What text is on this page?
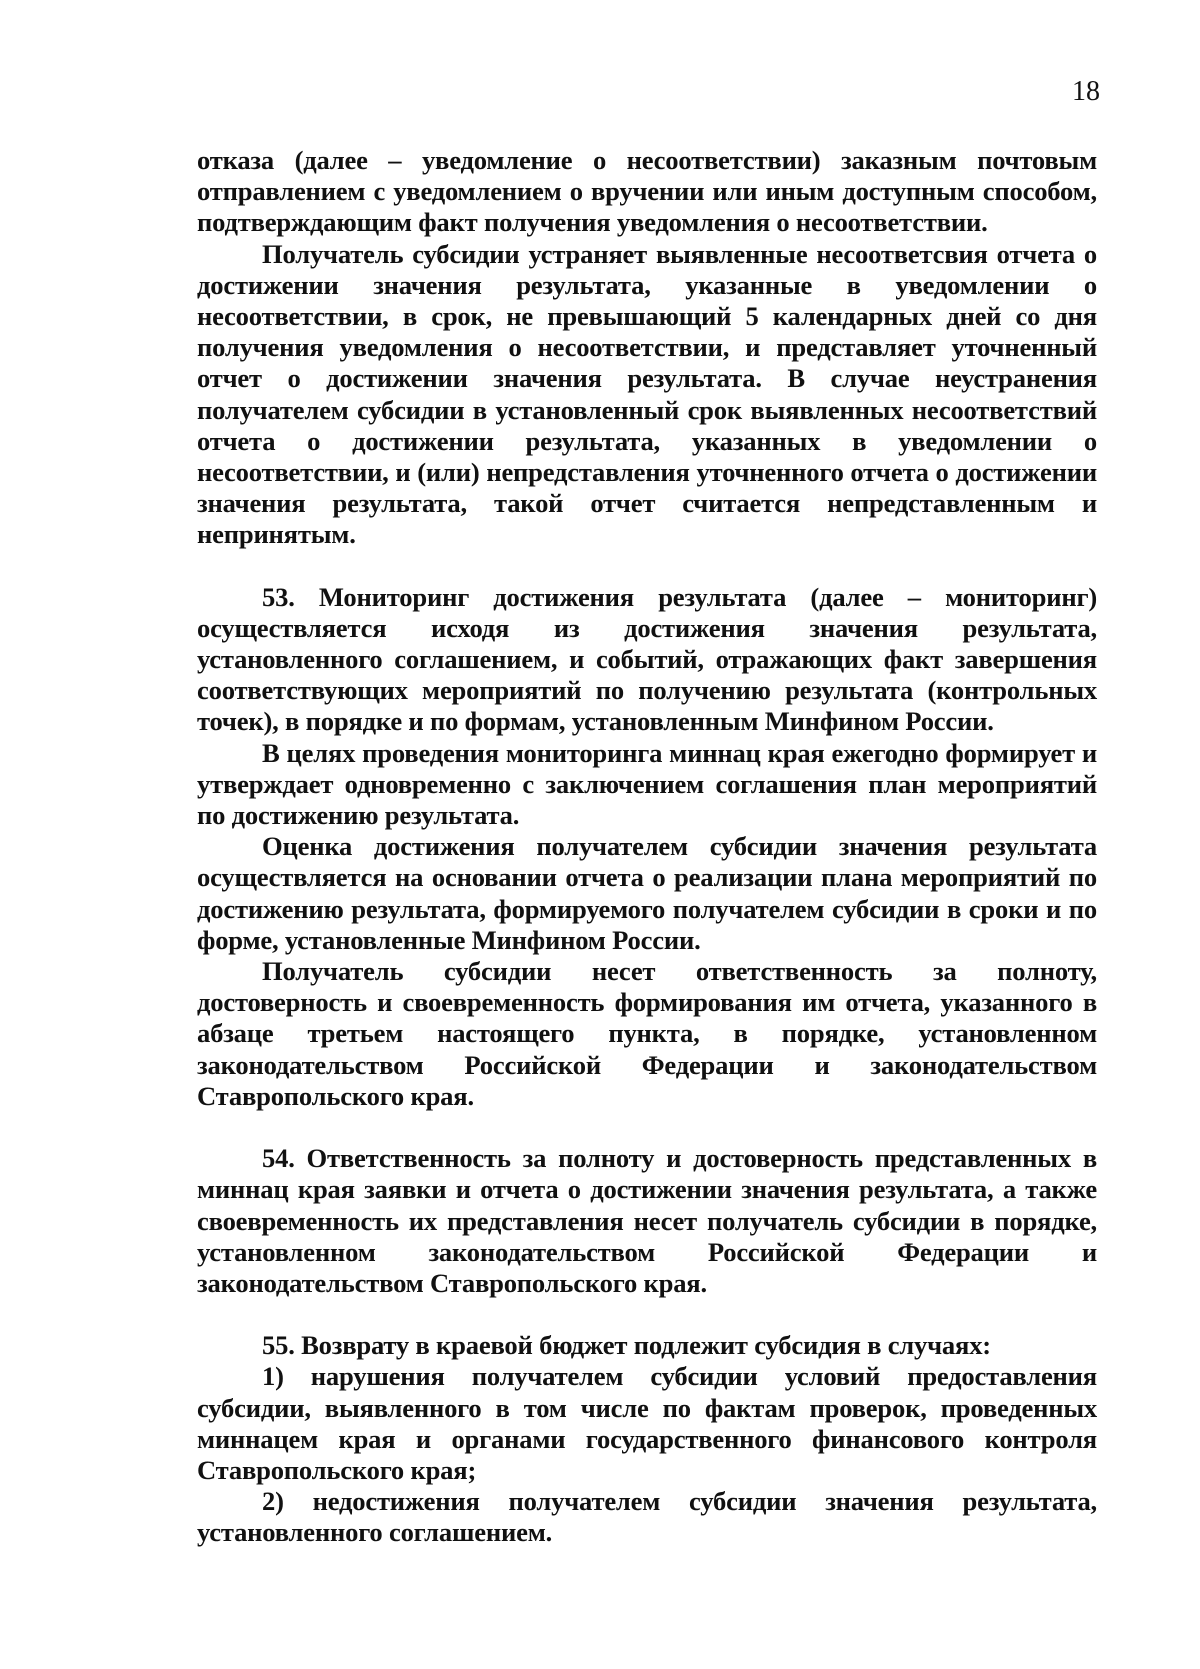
18

отказа (далее – уведомление о несоответствии) заказным почтовым отправлением с уведомлением о вручении или иным доступным способом, подтверждающим факт получения уведомления о несоответствии.

Получатель субсидии устраняет выявленные несоответсвия отчета о достижении значения результата, указанные в уведомлении о несоответствии, в срок, не превышающий 5 календарных дней со дня получения уведомления о несоответствии, и представляет уточненный отчет о достижении значения результата. В случае неустранения получателем субсидии в установленный срок выявленных несоответствий отчета о достижении результата, указанных в уведомлении о несоответствии, и (или) непредставления уточненного отчета о достижении значения результата, такой отчет считается непредставленным и непринятым.

53. Мониторинг достижения результата (далее – мониторинг) осуществляется исходя из достижения значения результата, установленного соглашением, и событий, отражающих факт завершения соответствующих мероприятий по получению результата (контрольных точек), в порядке и по формам, установленным Минфином России.

В целях проведения мониторинга миннац края ежегодно формирует и утверждает одновременно с заключением соглашения план мероприятий по достижению результата.

Оценка достижения получателем субсидии значения результата осуществляется на основании отчета о реализации плана мероприятий по достижению результата, формируемого получателем субсидии в сроки и по форме, установленные Минфином России.

Получатель субсидии несет ответственность за полноту, достоверность и своевременность формирования им отчета, указанного в абзаце третьем настоящего пункта, в порядке, установленном законодательством Российской Федерации и законодательством Ставропольского края.

54. Ответственность за полноту и достоверность представленных в миннац края заявки и отчета о достижении значения результата, а также своевременность их представления несет получатель субсидии в порядке, установленном законодательством Российской Федерации и законодательством Ставропольского края.

55. Возврату в краевой бюджет подлежит субсидия в случаях:

1) нарушения получателем субсидии условий предоставления субсидии, выявленного в том числе по фактам проверок, проведенных миннацем края и органами государственного финансового контроля Ставропольского края;

2) недостижения получателем субсидии значения результата, установленного соглашением.
